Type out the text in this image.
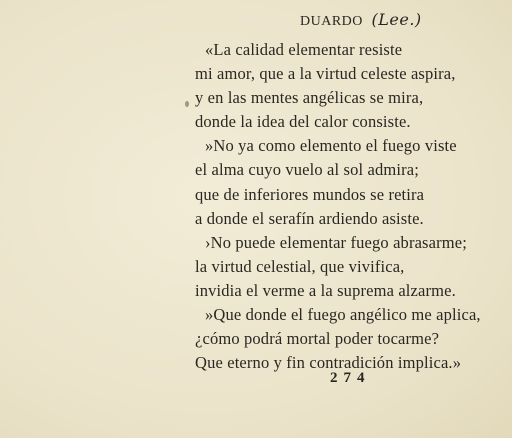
DUARDO (Lee.)
«La calidad elementar resiste
mi amor, que a la virtud celeste aspira,
y en las mentes angélicas se mira,
donde la idea del calor consiste.
»No ya como elemento el fuego viste
el alma cuyo vuelo al sol admira;
que de inferiores mundos se retira
a donde el serafín ardiendo asiste.
›No puede elementar fuego abrasarme;
la virtud celestial, que vivifica,
invidia el verme a la suprema alzarme.
»Que donde el fuego angélico me aplica,
¿cómo podrá mortal poder tocarme?
Que eterno y fin contradición implica.»
274
